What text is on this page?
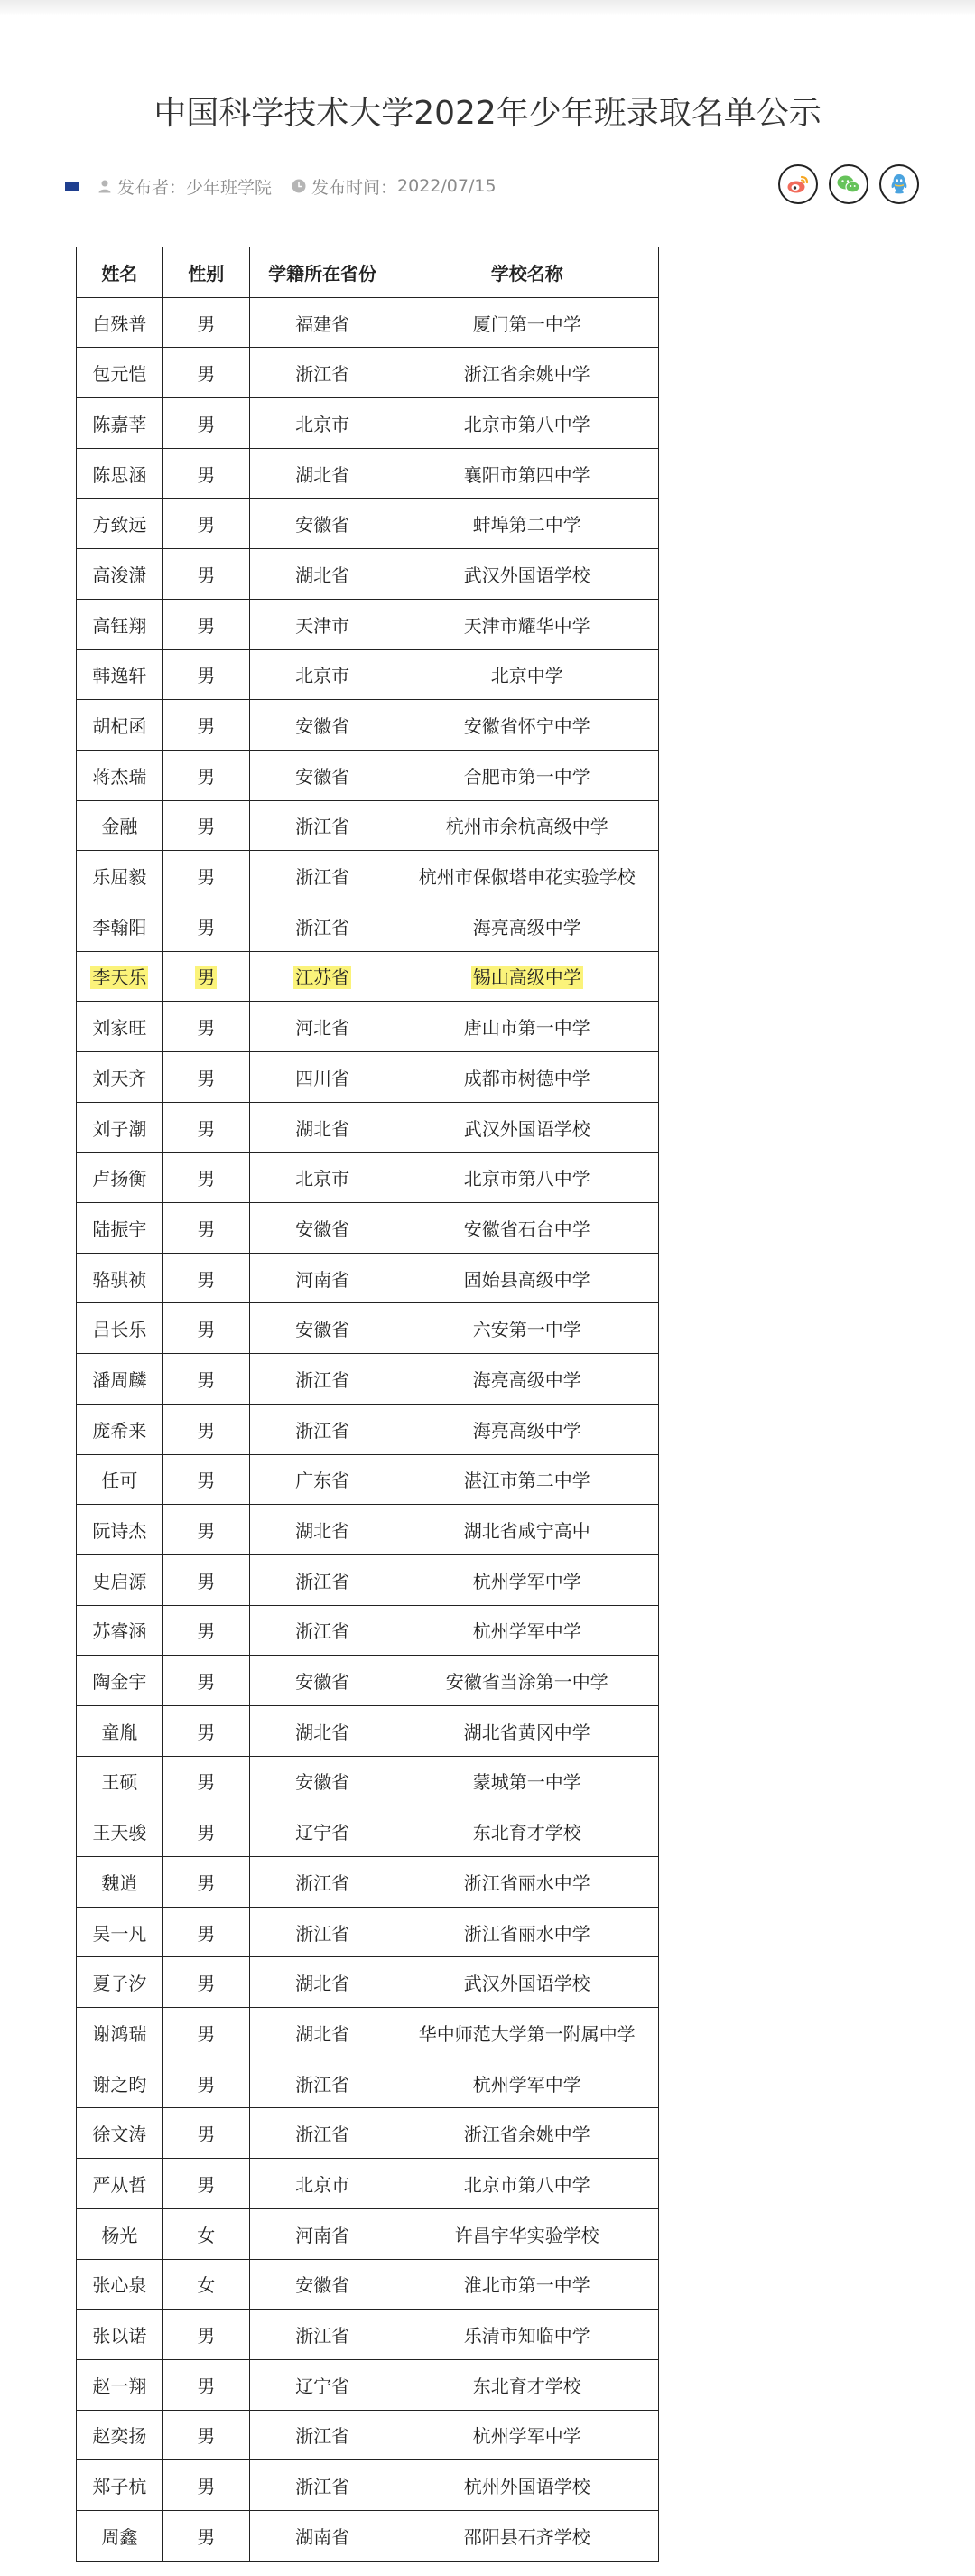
中国科学技术大学2022年少年班录取名单公示
发布者： 少年班学院 发布时间： 2022/07/15
姓名	性别	学籍所在省份	学校名称
白殊普	男	福建省	厦门第一中学
包元恺	男	浙江省	浙江省余姚中学
陈嘉莘	男	北京市	北京市第八中学
陈思涵	男	湖北省	襄阳市第四中学
方致远	男	安徽省	蚌埠第二中学
高浚潇	男	湖北省	武汉外国语学校
高钰翔	男	天津市	天津市耀华中学
韩逸轩	男	北京市	北京中学
胡杞函	男	安徽省	安徽省怀宁中学
蒋杰瑞	男	安徽省	合肥市第一中学
金融	男	浙江省	杭州市余杭高级中学
乐屈毅	男	浙江省	杭州市保俶塔申花实验学校
李翰阳	男	浙江省	海亮高级中学
李天乐	男	江苏省	锡山高级中学
刘家旺	男	河北省	唐山市第一中学
刘天齐	男	四川省	成都市树德中学
刘子潮	男	湖北省	武汉外国语学校
卢扬衡	男	北京市	北京市第八中学
陆振宇	男	安徽省	安徽省石台中学
骆骐祯	男	河南省	固始县高级中学
吕长乐	男	安徽省	六安第一中学
潘周麟	男	浙江省	海亮高级中学
庞希来	男	浙江省	海亮高级中学
任可	男	广东省	湛江市第二中学
阮诗杰	男	湖北省	湖北省咸宁高中
史启源	男	浙江省	杭州学军中学
苏睿涵	男	浙江省	杭州学军中学
陶金宇	男	安徽省	安徽省当涂第一中学
童胤	男	湖北省	湖北省黄冈中学
王硕	男	安徽省	蒙城第一中学
王天骏	男	辽宁省	东北育才学校
魏逍	男	浙江省	浙江省丽水中学
吴一凡	男	浙江省	浙江省丽水中学
夏子汐	男	湖北省	武汉外国语学校
谢鸿瑞	男	湖北省	华中师范大学第一附属中学
谢之昀	男	浙江省	杭州学军中学
徐文涛	男	浙江省	浙江省余姚中学
严从哲	男	北京市	北京市第八中学
杨光	女	河南省	许昌宇华实验学校
张心泉	女	安徽省	淮北市第一中学
张以诺	男	浙江省	乐清市知临中学
赵一翔	男	辽宁省	东北育才学校
赵奕扬	男	浙江省	杭州学军中学
郑子杭	男	浙江省	杭州外国语学校
周鑫	男	湖南省	邵阳县石齐学校
